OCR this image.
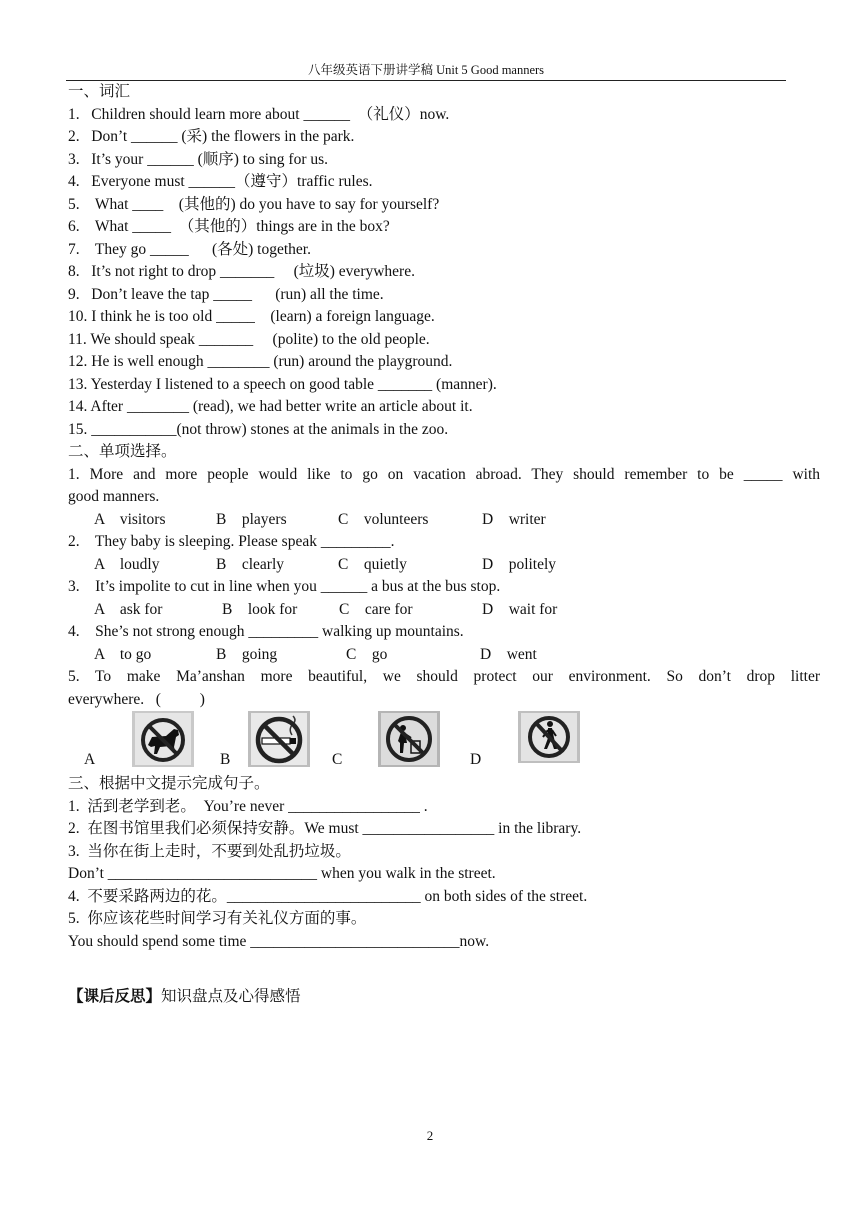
八年级英语下册讲学稿 Unit 5 Good manners
一、词汇
1.   Children should learn more about ______  （礼仪）now.
2.   Don’t ______ (采) the flowers in the park.
3.   It’s your ______ (顺序) to sing for us.
4.   Everyone must ______（遵守）traffic rules.
5.    What ____    (其他的) do you have to say for yourself?
6.    What _____  （其他的）things are in the box?
7.    They go _____      (各处) together.
8.   It’s not right to drop _______     (垃圾) everywhere.
9.   Don’t leave the tap _____      (run) all the time.
10. I think he is too old _____    (learn) a foreign language.
11. We should speak _______     (polite) to the old people.
12. He is well enough ________ (run) around the playground.
13. Yesterday I listened to a speech on good table _______ (manner).
14. After ________ (read), we had better write an article about it.
15. ___________(not throw) stones at the animals in the zoo.
二、单项选择。
1. More and more people would like to go on vacation abroad. They should remember to be _____ with
good manners.
A    visitors	B    players	C    volunteers	D    writer
2.    They baby is sleeping. Please speak _________.
A    loudly	B    clearly	C    quietly	D    politely
3.    It’s impolite to cut in line when you ______ a bus at the bus stop.
A    ask for	B    look for	C    care for	D    wait for
4.    She’s not strong enough _________ walking up mountains.
A    to go	B    going	C    go	D    went
5. To make Ma’anshan more beautiful, we should protect our environment. So don’t drop litter
everywhere.   (          )
A	B	C	D
三、根据中文提示完成句子。
1.  活到老学到老。  You’re never _________________ .
2.  在图书馆里我们必须保持安静。We must _________________ in the library.
3.  当你在街上走时，不要到处乱扔垃圾。
Don’t ___________________________ when you walk in the street.
4.  不要采路两边的花。_________________________ on both sides of the street.
5.  你应该花些时间学习有关礼仪方面的事。
You should spend some time ___________________________now.
【课后反思】知识盘点及心得感悟
2
